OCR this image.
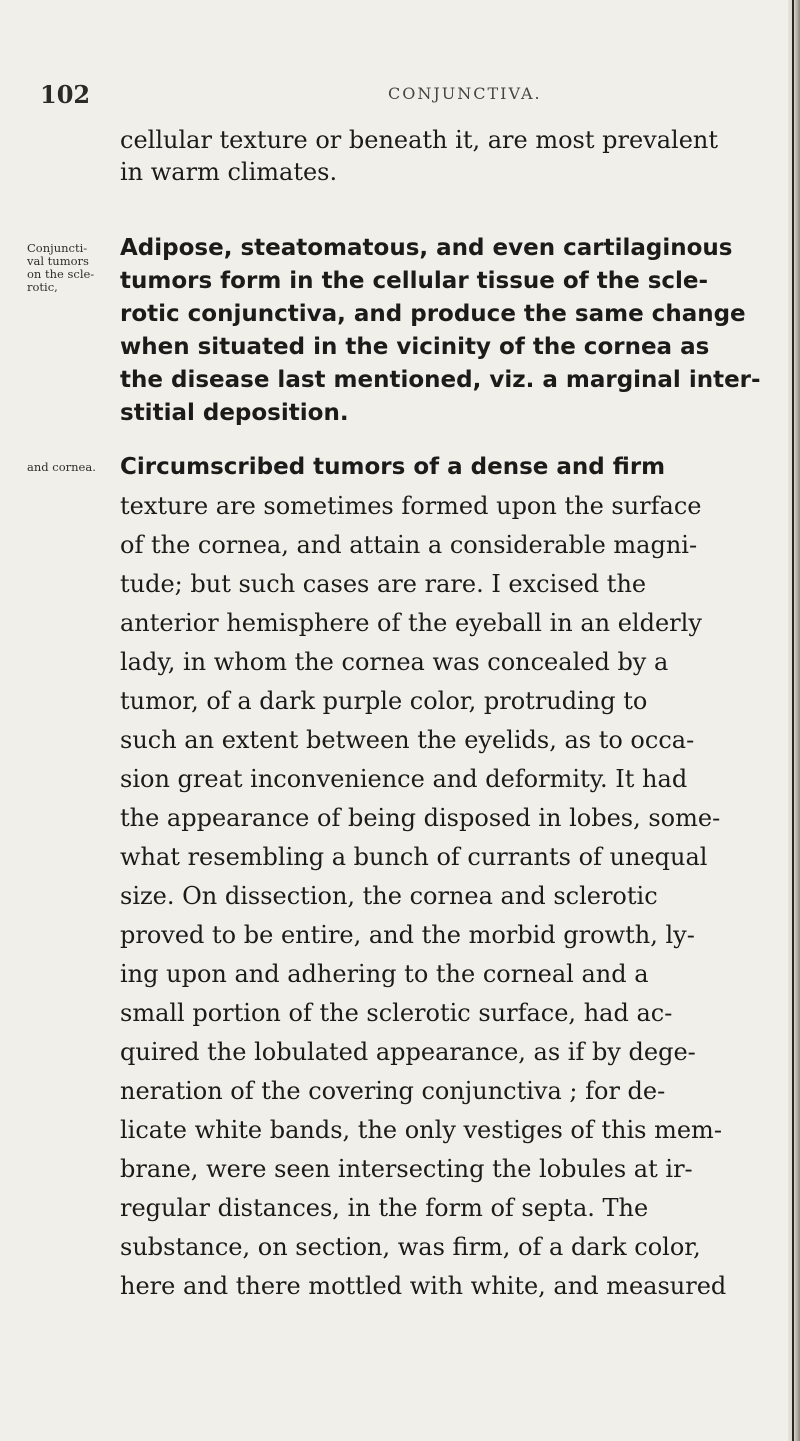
102	CONJUNCTIVA.
Conjuncti-
val tumors
on the scle-
rotic,
and cornea.
cellular texture or beneath it, are most prevalent
in warm climates.
Adipose, steatomatous, and even cartilaginous
tumors form in the cellular tissue of the scle-
rotic conjunctiva, and produce the same change
when situated in the vicinity of the cornea as
the disease last mentioned, viz. a marginal inter-
stitial deposition.
Circumscribed tumors of a dense and firm
texture are sometimes formed upon the surface
of the cornea, and attain a considerable magni-
tude; but such cases are rare. I excised the
anterior hemisphere of the eyeball in an elderly
lady, in whom the cornea was concealed by a
tumor, of a dark purple color, protruding to
such an extent between the eyelids, as to occa-
sion great inconvenience and deformity. It had
the appearance of being disposed in lobes, some-
what resembling a bunch of currants of unequal
size. On dissection, the cornea and sclerotic
proved to be entire, and the morbid growth, ly-
ing upon and adhering to the corneal and a
small portion of the sclerotic surface, had ac-
quired the lobulated appearance, as if by dege-
neration of the covering conjunctiva ; for de-
licate white bands, the only vestiges of this mem-
brane, were seen intersecting the lobules at ir-
regular distances, in the form of septa. The
substance, on section, was firm, of a dark color,
here and there mottled with white, and measured
